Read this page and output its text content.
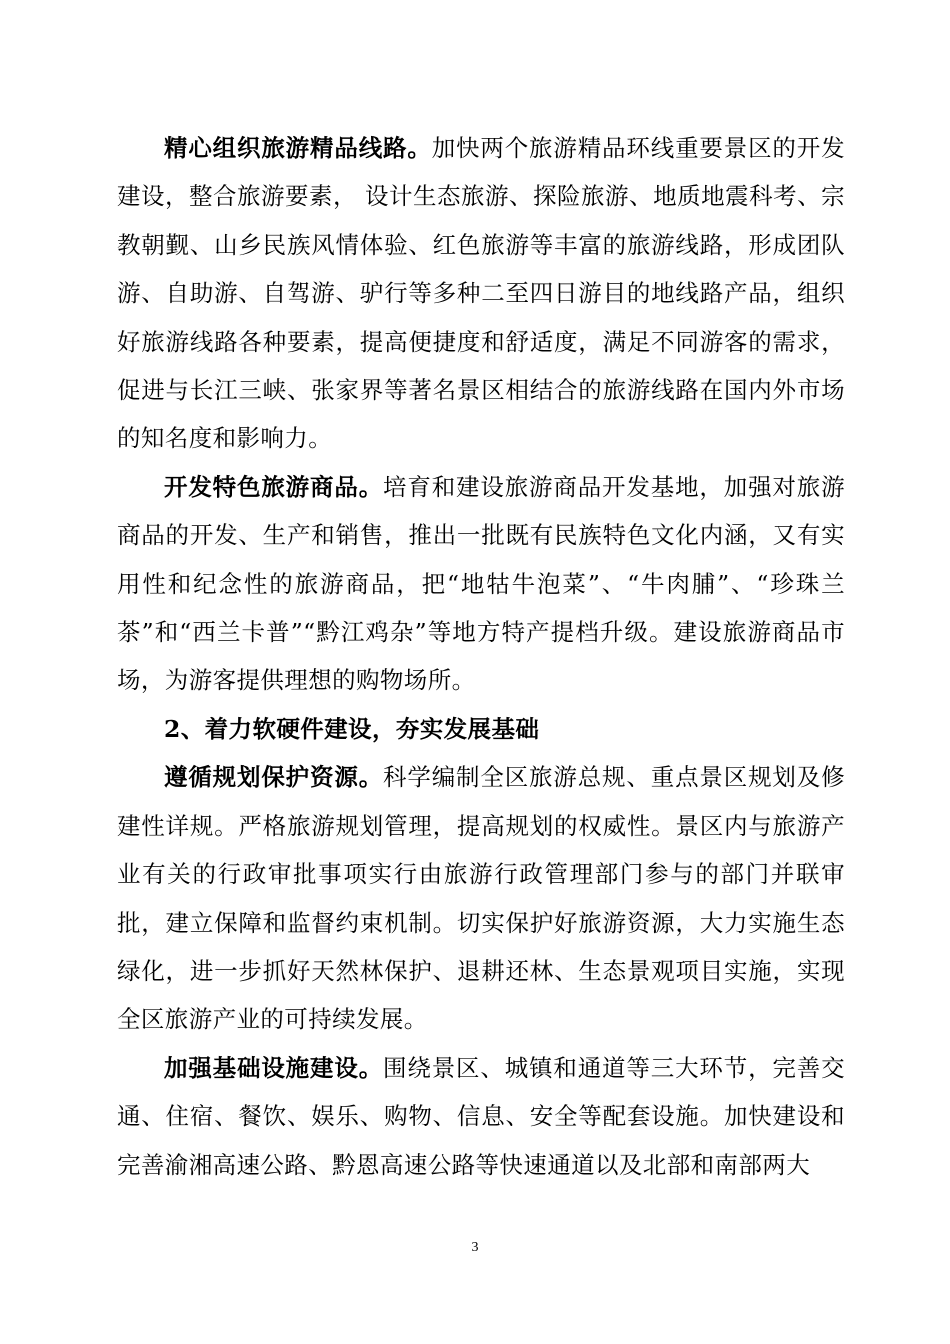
精心组织旅游精品线路。加快两个旅游精品环线重要景区的开发建设，整合旅游要素， 设计生态旅游、探险旅游、地质地震科考、宗教朝觐、山乡民族风情体验、红色旅游等丰富的旅游线路，形成团队游、自助游、自驾游、驴行等多种二至四日游目的地线路产品，组织好旅游线路各种要素，提高便捷度和舒适度，满足不同游客的需求，促进与长江三峡、张家界等著名景区相结合的旅游线路在国内外市场的知名度和影响力。

开发特色旅游商品。培育和建设旅游商品开发基地，加强对旅游商品的开发、生产和销售，推出一批既有民族特色文化内涵，又有实用性和纪念性的旅游商品，把“地牯牛泡菜”、“牛肉脯”、“珍珠兰茶”和“西兰卡普”“黔江鸡杂”等地方特产提档升级。建设旅游商品市场，为游客提供理想的购物场所。

2、着力软硬件建设，夯实发展基础

遵循规划保护资源。科学编制全区旅游总规、重点景区规划及修建性详规。严格旅游规划管理，提高规划的权威性。景区内与旅游产业有关的行政审批事项实行由旅游行政管理部门参与的部门并联审批，建立保障和监督约束机制。切实保护好旅游资源，大力实施生态绿化，进一步抓好天然林保护、退耕还林、生态景观项目实施，实现全区旅游产业的可持续发展。

加强基础设施建设。围绕景区、城镇和通道等三大环节，完善交通、住宿、餐饮、娱乐、购物、信息、安全等配套设施。加快建设和完善渝湘高速公路、黔恩高速公路等快速通道以及北部和南部两大

3
